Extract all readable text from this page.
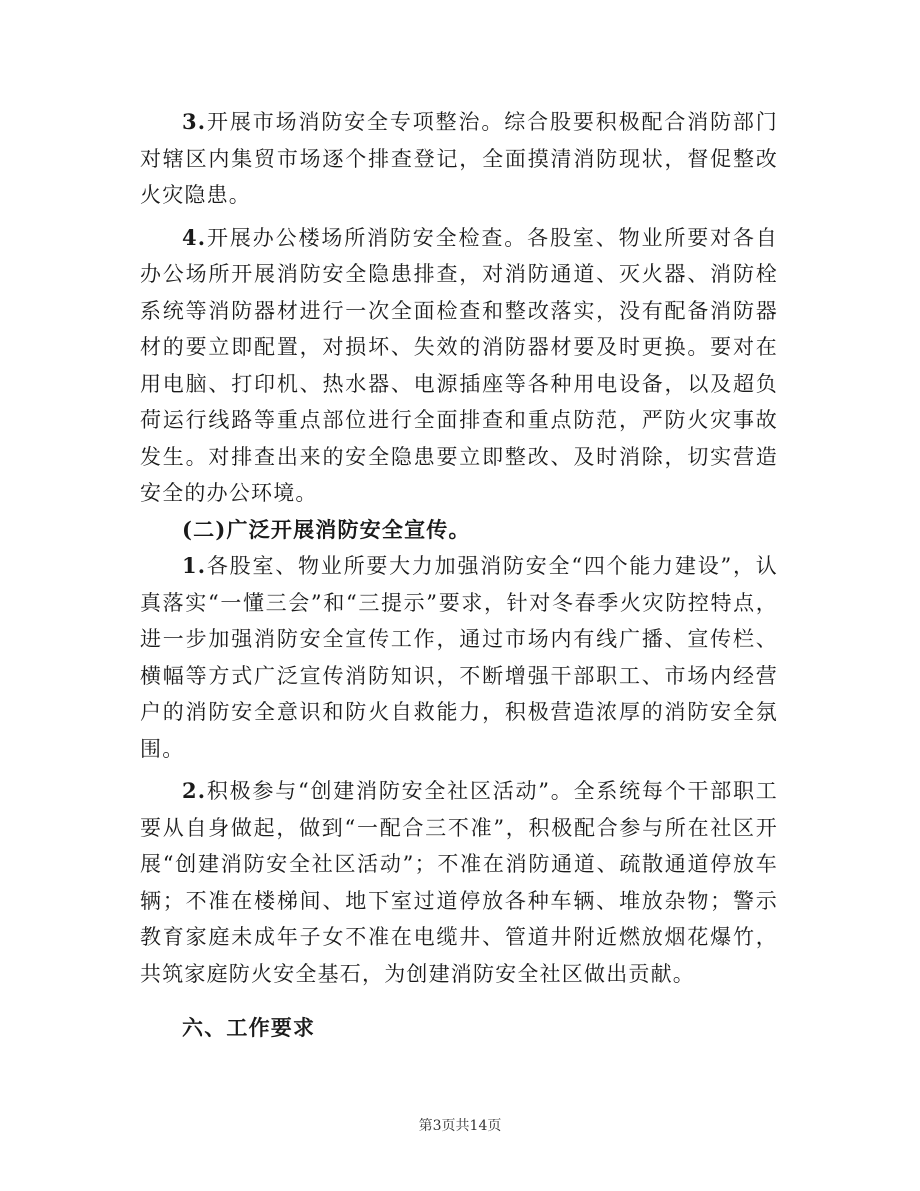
3.开展市场消防安全专项整治。综合股要积极配合消防部门对辖区内集贸市场逐个排查登记，全面摸清消防现状，督促整改火灾隐患。

4.开展办公楼场所消防安全检查。各股室、物业所要对各自办公场所开展消防安全隐患排查，对消防通道、灭火器、消防栓系统等消防器材进行一次全面检查和整改落实，没有配备消防器材的要立即配置，对损坏、失效的消防器材要及时更换。要对在用电脑、打印机、热水器、电源插座等各种用电设备，以及超负荷运行线路等重点部位进行全面排查和重点防范，严防火灾事故发生。对排查出来的安全隐患要立即整改、及时消除，切实营造安全的办公环境。

(二)广泛开展消防安全宣传。

1.各股室、物业所要大力加强消防安全“四个能力建设”，认真落实“一懂三会”和“三提示”要求，针对冬春季火灾防控特点，进一步加强消防安全宣传工作，通过市场内有线广播、宣传栏、横幅等方式广泛宣传消防知识，不断增强干部职工、市场内经营户的消防安全意识和防火自救能力，积极营造浓厚的消防安全氛围。

2.积极参与“创建消防安全社区活动”。全系统每个干部职工要从自身做起，做到“一配合三不准”，积极配合参与所在社区开展“创建消防安全社区活动”；不准在消防通道、疏散通道停放车辆；不准在楼梯间、地下室过道停放各种车辆、堆放杂物；警示教育家庭未成年子女不准在电缆井、管道井附近燃放烟花爆竹，共筑家庭防火安全基石，为创建消防安全社区做出贡献。

六、工作要求

第3页共14页
